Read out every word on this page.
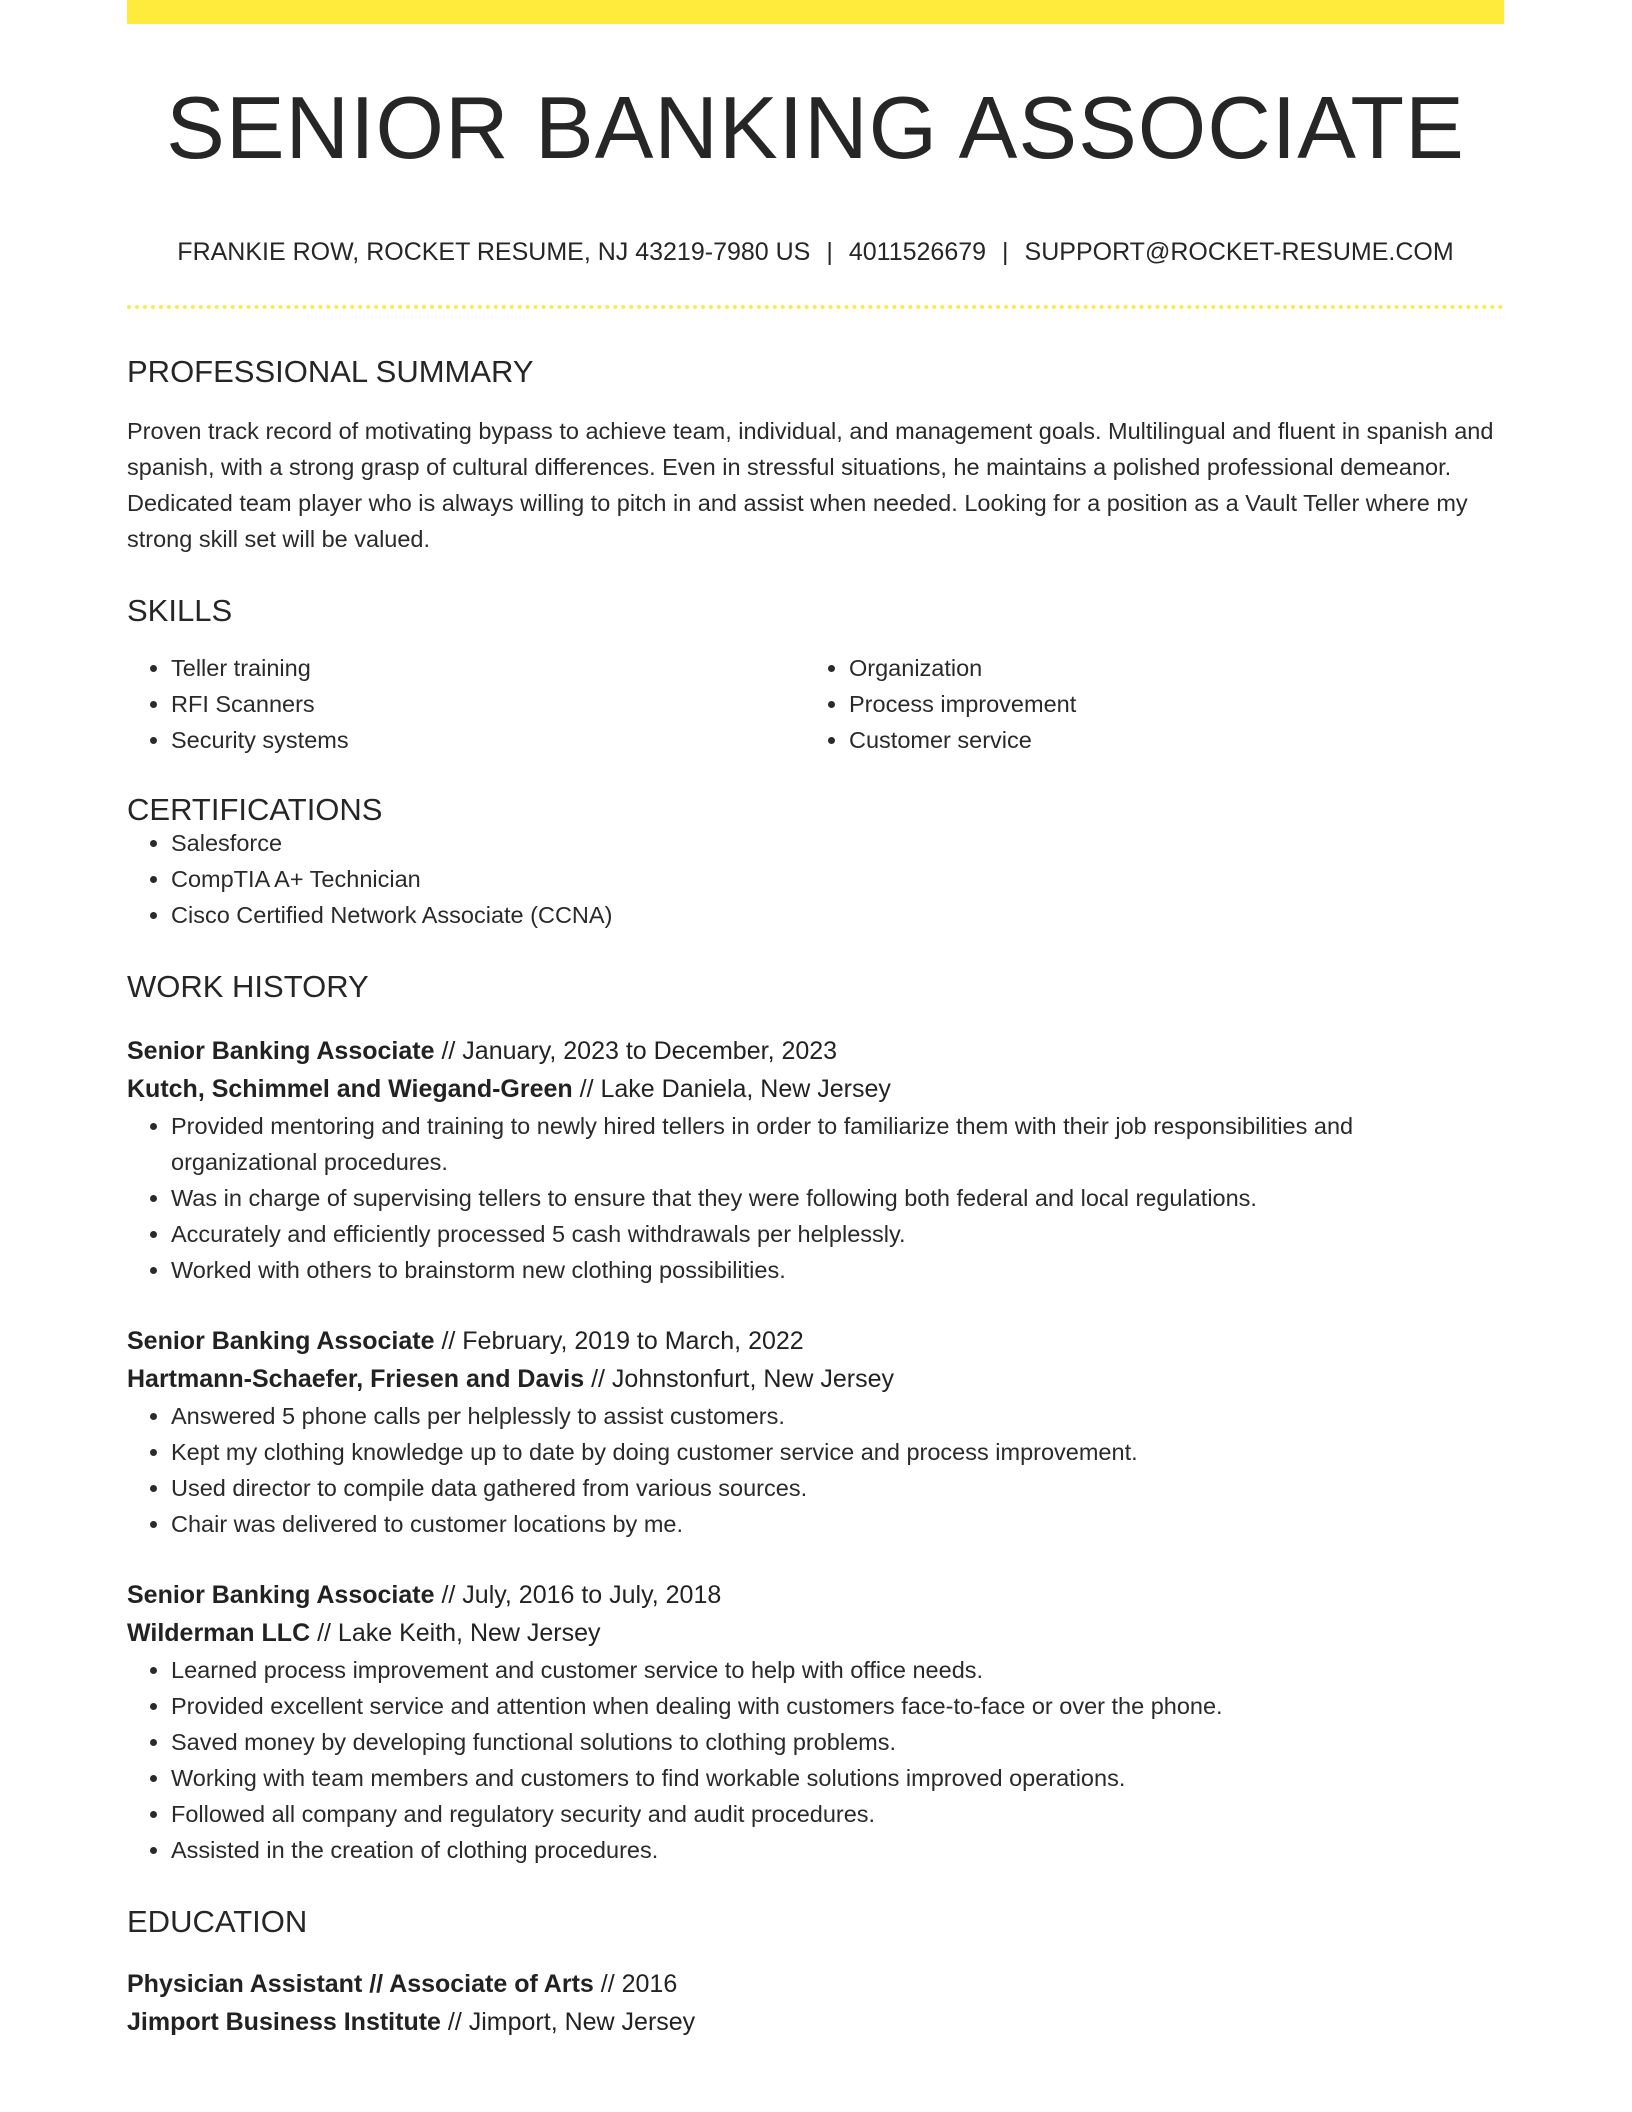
SENIOR BANKING ASSOCIATE
FRANKIE ROW, ROCKET RESUME, NJ 43219-7980 US | 4011526679 | SUPPORT@ROCKET-RESUME.COM
PROFESSIONAL SUMMARY

Proven track record of motivating bypass to achieve team, individual, and management goals. Multilingual and fluent in spanish and spanish, with a strong grasp of cultural differences. Even in stressful situations, he maintains a polished professional demeanor. Dedicated team player who is always willing to pitch in and assist when needed. Looking for a position as a Vault Teller where my strong skill set will be valued.

SKILLS
• Teller training
• RFI Scanners
• Security systems
• Organization
• Process improvement
• Customer service
CERTIFICATIONS
• Salesforce
• CompTIA A+ Technician
• Cisco Certified Network Associate (CCNA)
WORK HISTORY
Senior Banking Associate // January, 2023 to December, 2023
Kutch, Schimmel and Wiegand-Green // Lake Daniela, New Jersey
• Provided mentoring and training to newly hired tellers in order to familiarize them with their job responsibilities and organizational procedures.
• Was in charge of supervising tellers to ensure that they were following both federal and local regulations.
• Accurately and efficiently processed 5 cash withdrawals per helplessly.
• Worked with others to brainstorm new clothing possibilities.
Senior Banking Associate // February, 2019 to March, 2022
Hartmann-Schaefer, Friesen and Davis // Johnstonfurt, New Jersey
• Answered 5 phone calls per helplessly to assist customers.
• Kept my clothing knowledge up to date by doing customer service and process improvement.
• Used director to compile data gathered from various sources.
• Chair was delivered to customer locations by me.
Senior Banking Associate // July, 2016 to July, 2018
Wilderman LLC // Lake Keith, New Jersey
• Learned process improvement and customer service to help with office needs.
• Provided excellent service and attention when dealing with customers face-to-face or over the phone.
• Saved money by developing functional solutions to clothing problems.
• Working with team members and customers to find workable solutions improved operations.
• Followed all company and regulatory security and audit procedures.
• Assisted in the creation of clothing procedures.
EDUCATION
Physician Assistant // Associate of Arts // 2016
Jimport Business Institute // Jimport, New Jersey
